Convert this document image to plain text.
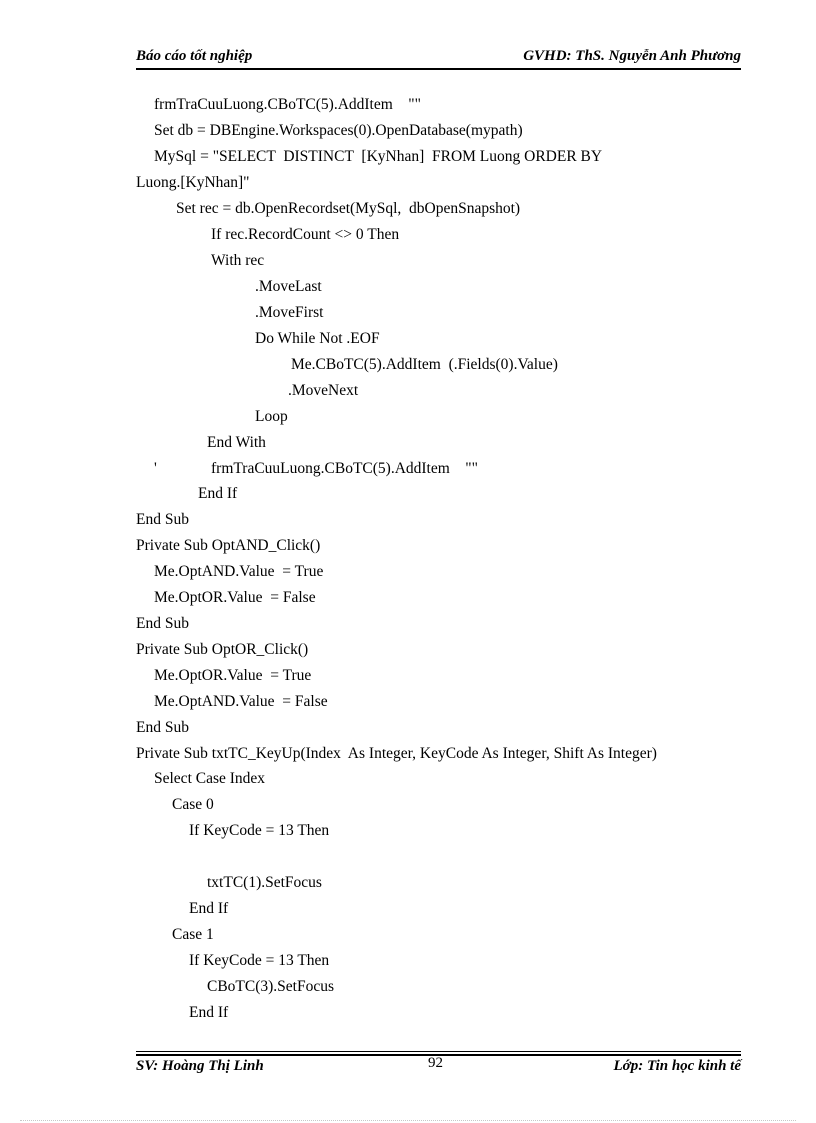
Báo cáo tốt nghiệp	GVHD: ThS. Nguyễn Anh Phương
frmTraCuuLuong.CBoTC(5).AddItem    ""
Set db = DBEngine.Workspaces(0).OpenDatabase(mypath)
MySql = "SELECT  DISTINCT  [KyNhan]  FROM Luong ORDER BY
Luong.[KyNhan]"
Set rec = db.OpenRecordset(MySql,  dbOpenSnapshot)
If rec.RecordCount <> 0 Then
With rec
.MoveLast
.MoveFirst
Do While Not .EOF
Me.CBoTC(5).AddItem  (.Fields(0).Value)
.MoveNext
Loop
End With
'	frmTraCuuLuong.CBoTC(5).AddItem    ""
End If
End Sub
Private Sub OptAND_Click()
Me.OptAND.Value  = True
Me.OptOR.Value  = False
End Sub
Private Sub OptOR_Click()
Me.OptOR.Value  = True
Me.OptAND.Value  = False
End Sub
Private Sub txtTC_KeyUp(Index  As Integer, KeyCode As Integer, Shift As Integer)
Select Case Index
Case 0
If KeyCode = 13 Then
txtTC(1).SetFocus
End If
Case 1
If KeyCode = 13 Then
CBoTC(3).SetFocus
End If
SV: Hoàng Thị Linh	92	Lớp: Tin học kinh tế
